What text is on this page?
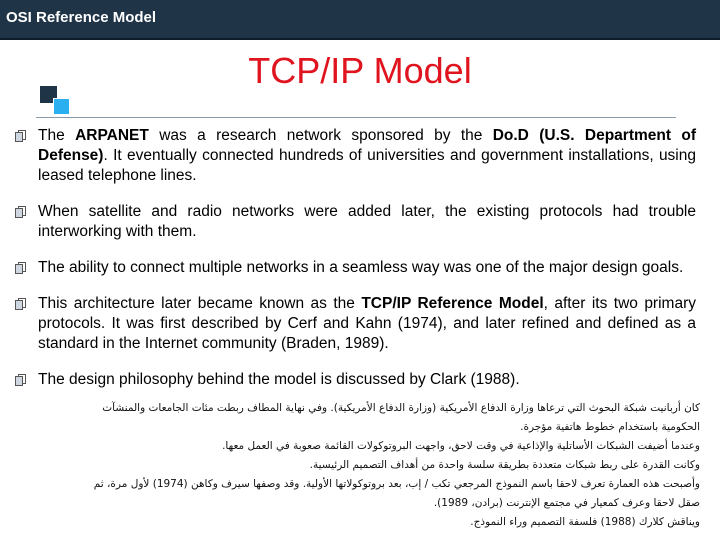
OSI Reference Model
TCP/IP Model
The ARPANET was a research network sponsored by the Do.D (U.S. Department of Defense). It eventually connected hundreds of universities and government installations, using leased telephone lines.
When satellite and radio networks were added later, the existing protocols had trouble interworking with them.
The ability to connect multiple networks in a seamless way was one of the major design goals.
This architecture later became known as the TCP/IP Reference Model, after its two primary protocols. It was first described by Cerf and Kahn (1974), and later refined and defined as a standard in the Internet community (Braden, 1989).
The design philosophy behind the model is discussed by Clark (1988).
كان أربانيت شبكة البحوث التي ترعاها وزارة الدفاع الأمريكية (وزارة الدفاع الأمريكية). وفي نهاية المطاف ربطت مئات الجامعات والمنشآت
الحكومية باستخدام خطوط هاتفية مؤجرة.
وعندما أضيفت الشبكات الأساتلية والإذاعية في وقت لاحق، واجهت البروتوكولات القائمة صعوبة في العمل معها.
وكانت القدرة على ربط شبكات متعددة بطريقة سلسة واحدة من أهداف التصميم الرئيسية.
وأصبحت هذه العمارة تعرف لاحقا باسم النموذج المرجعي تكب / إب، بعد بروتوكولاتها الأولية. وقد وصفها سيرف وكاهن (1974) لأول مرة، ثم
صقل لاحقا وعرف كمعيار في مجتمع الإنترنت (برادن، 1989).
ويناقش كلارك (1988) فلسفة التصميم وراء النموذج.
